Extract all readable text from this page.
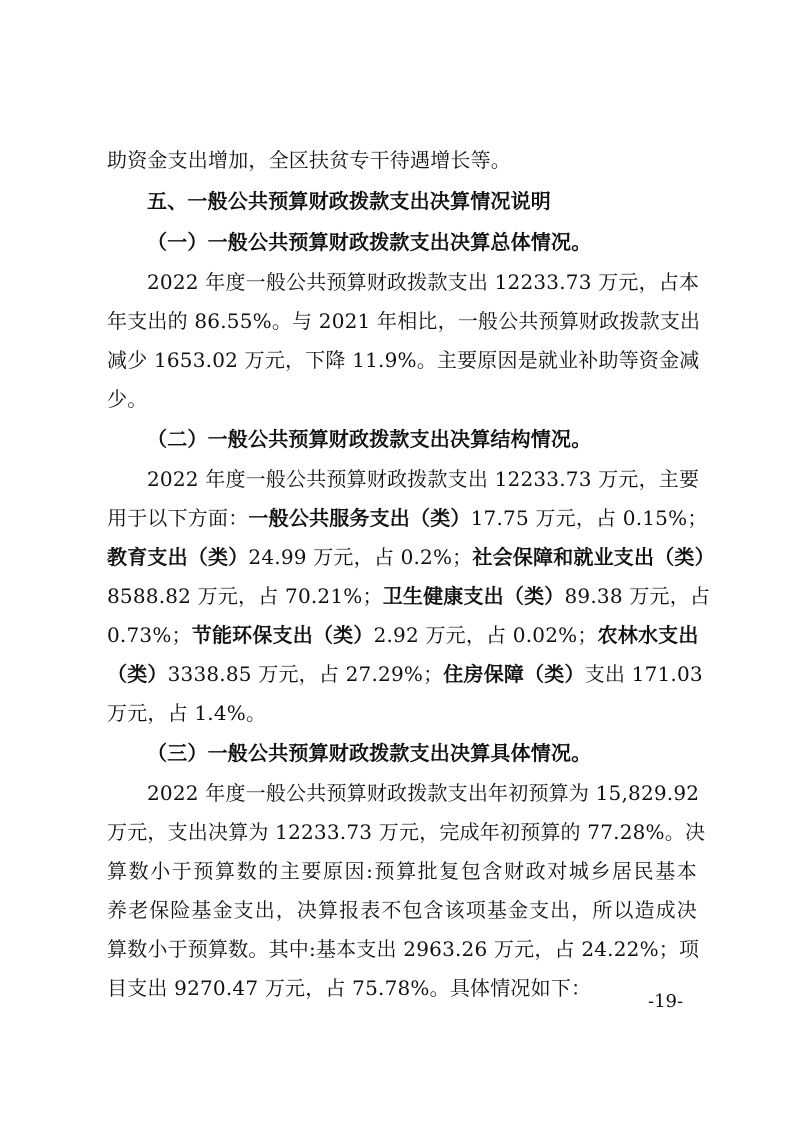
助资金支出增加，全区扶贫专干待遇增长等。
五、一般公共预算财政拨款支出决算情况说明
（一）一般公共预算财政拨款支出决算总体情况。
2022 年度一般公共预算财政拨款支出 12233.73 万元，占本
年支出的 86.55%。与 2021 年相比，一般公共预算财政拨款支出
减少 1653.02 万元，下降 11.9%。主要原因是就业补助等资金减
少。
（二）一般公共预算财政拨款支出决算结构情况。
2022 年度一般公共预算财政拨款支出 12233.73 万元，主要
用于以下方面：一般公共服务支出（类）17.75 万元，占 0.15%；
教育支出（类）24.99 万元，占 0.2%；社会保障和就业支出（类）
8588.82 万元，占 70.21%；卫生健康支出（类）89.38 万元，占
0.73%；节能环保支出（类）2.92 万元，占 0.02%；农林水支出
（类）3338.85 万元，占 27.29%；住房保障（类）支出 171.03
万元，占 1.4%。
（三）一般公共预算财政拨款支出决算具体情况。
2022 年度一般公共预算财政拨款支出年初预算为 15,829.92
万元，支出决算为 12233.73 万元，完成年初预算的 77.28%。决
算数小于预算数的主要原因:预算批复包含财政对城乡居民基本
养老保险基金支出，决算报表不包含该项基金支出，所以造成决
算数小于预算数。其中:基本支出 2963.26 万元，占 24.22%；项
目支出 9270.47 万元，占 75.78%。具体情况如下：
-19-
